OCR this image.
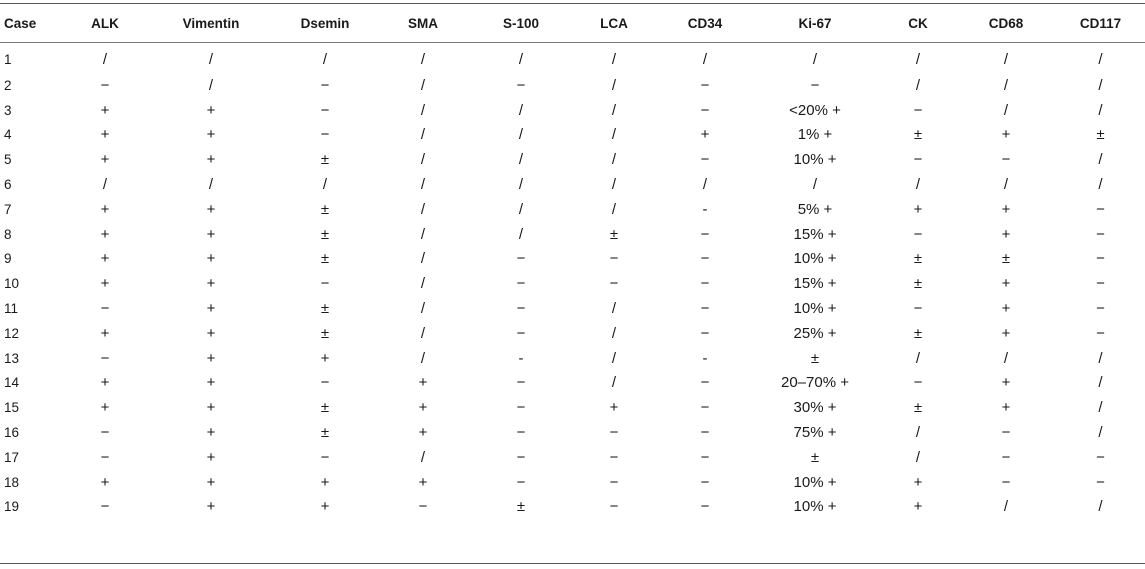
Case	ALK	Vimentin	Dsemin	SMA	S-100	LCA	CD34	Ki-67	CK	CD68	CD117
1	/	/	/	/	/	/	/	/	/	/	/
2	−	/	−	/	−	/	−	−	/	/	/
3	+	+	−	/	/	/	−	<20% +	−	/	/
4	+	+	−	/	/	/	+	1% +	±	+	±
5	+	+	±	/	/	/	−	10% +	−	−	/
6	/	/	/	/	/	/	/	/	/	/	/
7	+	+	±	/	/	/	-	5% +	+	+	−
8	+	+	±	/	/	±	−	15% +	−	+	−
9	+	+	±	/	−	−	−	10% +	±	±	−
10	+	+	−	/	−	−	−	15% +	±	+	−
11	−	+	±	/	−	/	−	10% +	−	+	−
12	+	+	±	/	−	/	−	25% +	±	+	−
13	−	+	+	/	-	/	-	±	/	/	/
14	+	+	−	+	−	/	−	20–70% +	−	+	/
15	+	+	±	+	−	+	−	30% +	±	+	/
16	−	+	±	+	−	−	−	75% +	/	−	/
17	−	+	−	/	−	−	−	±	/	−	−
18	+	+	+	+	−	−	−	10% +	+	−	−
19	−	+	+	−	±	−	−	10% +	+	/	/
